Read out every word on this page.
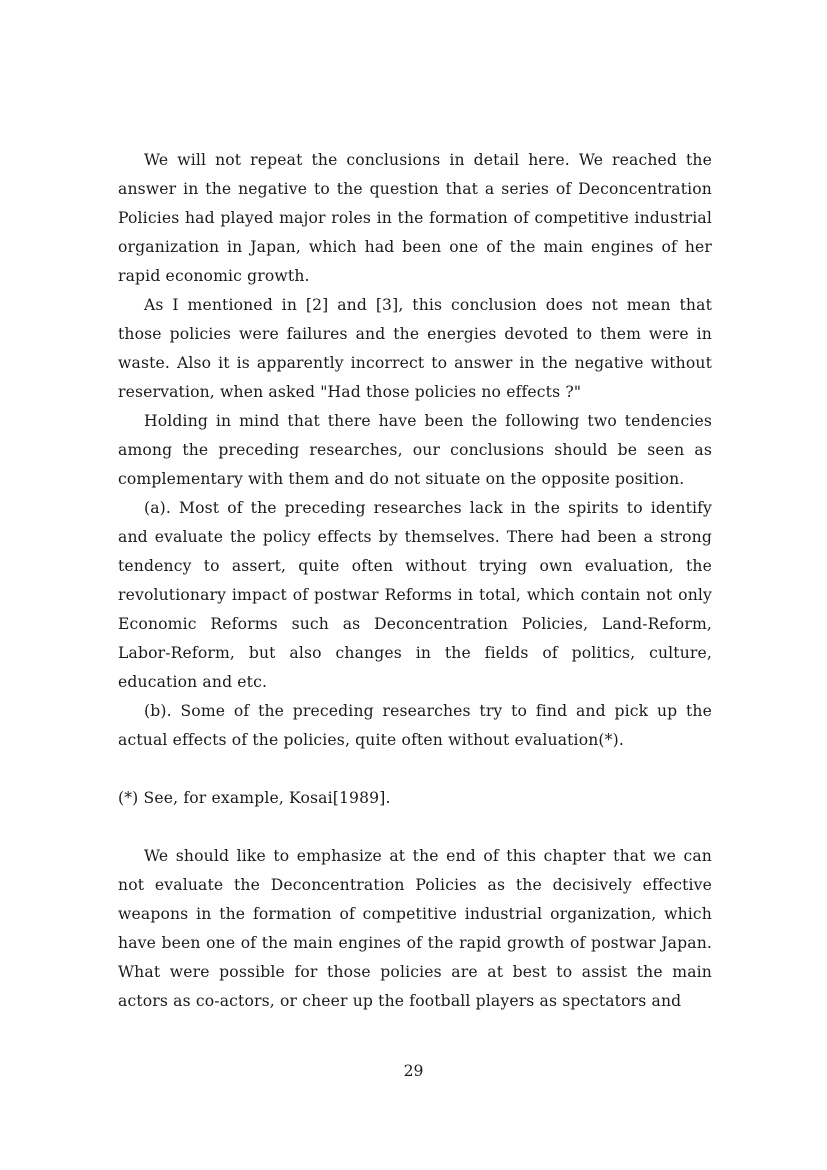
We will not repeat the conclusions in detail here. We reached the answer in the negative to the question that a series of Deconcentration Policies had played major roles in the formation of competitive industrial organization in Japan, which had been one of the main engines of her rapid economic growth.

As I mentioned in [2] and [3], this conclusion does not mean that those policies were failures and the energies devoted to them were in waste. Also it is apparently incorrect to answer in the negative without reservation, when asked "Had those policies no effects ?"

Holding in mind that there have been the following two tendencies among the preceding researches, our conclusions should be seen as complementary with them and do not situate on the opposite position.

(a). Most of the preceding researches lack in the spirits to identify and evaluate the policy effects by themselves. There had been a strong tendency to assert, quite often without trying own evaluation, the revolutionary impact of postwar Reforms in total, which contain not only Economic Reforms such as Deconcentration Policies, Land-Reform, Labor-Reform, but also changes in the fields of politics, culture, education and etc.

(b). Some of the preceding researches try to find and pick up the actual effects of the policies, quite often without evaluation(*).

(*) See, for example, Kosai[1989].

We should like to emphasize at the end of this chapter that we can not evaluate the Deconcentration Policies as the decisively effective weapons in the formation of competitive industrial organization, which have been one of the main engines of the rapid growth of postwar Japan. What were possible for those policies are at best to assist the main actors as co-actors, or cheer up the football players as spectators and

29
